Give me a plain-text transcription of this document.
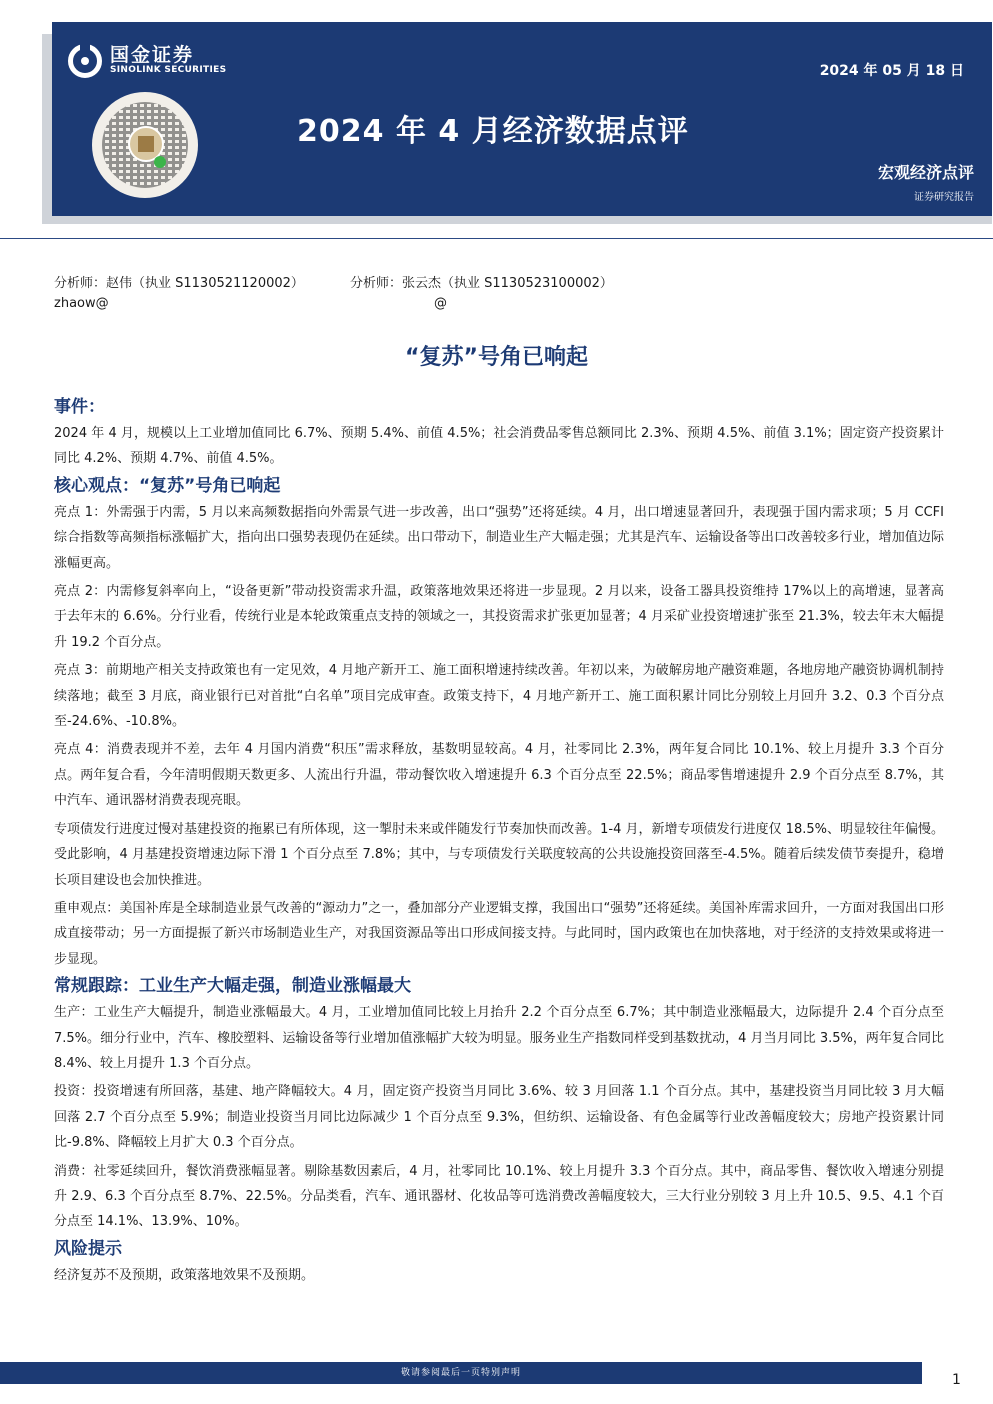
国金证券
SINOLINK SECURITIES	2024 年 05 月 18 日
2024 年 4 月经济数据点评
宏观经济点评
证券研究报告
分析师：赵伟（执业 S1130521120002）	分析师：张云杰（执业 S1130523100002）
zhaow@	@
“复苏”号角已响起
事件：
2024 年 4 月，规模以上工业增加值同比 6.7%、预期 5.4%、前值 4.5%；社会消费品零售总额同比 2.3%、预期 4.5%、前值 3.1%；固定资产投资累计同比 4.2%、预期 4.7%、前值 4.5%。
核心观点：“复苏”号角已响起
亮点 1：外需强于内需，5 月以来高频数据指向外需景气进一步改善，出口“强势”还将延续。4 月，出口增速显著回升，表现强于国内需求项；5 月 CCFI 综合指数等高频指标涨幅扩大，指向出口强势表现仍在延续。出口带动下，制造业生产大幅走强；尤其是汽车、运输设备等出口改善较多行业，增加值边际涨幅更高。
亮点 2：内需修复斜率向上，“设备更新”带动投资需求升温，政策落地效果还将进一步显现。2 月以来，设备工器具投资维持 17%以上的高增速，显著高于去年末的 6.6%。分行业看，传统行业是本轮政策重点支持的领域之一，其投资需求扩张更加显著；4 月采矿业投资增速扩张至 21.3%，较去年末大幅提升 19.2 个百分点。
亮点 3：前期地产相关支持政策也有一定见效，4 月地产新开工、施工面积增速持续改善。年初以来，为破解房地产融资难题，各地房地产融资协调机制持续落地；截至 3 月底，商业银行已对首批“白名单”项目完成审查。政策支持下，4 月地产新开工、施工面积累计同比分别较上月回升 3.2、0.3 个百分点至-24.6%、-10.8%。
亮点 4：消费表现并不差，去年 4 月国内消费“积压”需求释放，基数明显较高。4 月，社零同比 2.3%，两年复合同比 10.1%、较上月提升 3.3 个百分点。两年复合看，今年清明假期天数更多、人流出行升温，带动餐饮收入增速提升 6.3 个百分点至 22.5%；商品零售增速提升 2.9 个百分点至 8.7%，其中汽车、通讯器材消费表现亮眼。
专项债发行进度过慢对基建投资的拖累已有所体现，这一掣肘未来或伴随发行节奏加快而改善。1-4 月，新增专项债发行进度仅 18.5%、明显较往年偏慢。受此影响，4 月基建投资增速边际下滑 1 个百分点至 7.8%；其中，与专项债发行关联度较高的公共设施投资回落至-4.5%。随着后续发债节奏提升，稳增长项目建设也会加快推进。
重申观点：美国补库是全球制造业景气改善的“源动力”之一，叠加部分产业逻辑支撑，我国出口“强势”还将延续。美国补库需求回升，一方面对我国出口形成直接带动；另一方面提振了新兴市场制造业生产，对我国资源品等出口形成间接支持。与此同时，国内政策也在加快落地，对于经济的支持效果或将进一步显现。
常规跟踪：工业生产大幅走强，制造业涨幅最大
生产：工业生产大幅提升，制造业涨幅最大。4 月，工业增加值同比较上月抬升 2.2 个百分点至 6.7%；其中制造业涨幅最大，边际提升 2.4 个百分点至 7.5%。细分行业中，汽车、橡胶塑料、运输设备等行业增加值涨幅扩大较为明显。服务业生产指数同样受到基数扰动，4 月当月同比 3.5%，两年复合同比 8.4%、较上月提升 1.3 个百分点。
投资：投资增速有所回落，基建、地产降幅较大。4 月，固定资产投资当月同比 3.6%、较 3 月回落 1.1 个百分点。其中，基建投资当月同比较 3 月大幅回落 2.7 个百分点至 5.9%；制造业投资当月同比边际减少 1 个百分点至 9.3%，但纺织、运输设备、有色金属等行业改善幅度较大；房地产投资累计同比-9.8%、降幅较上月扩大 0.3 个百分点。
消费：社零延续回升，餐饮消费涨幅显著。剔除基数因素后，4 月，社零同比 10.1%、较上月提升 3.3 个百分点。其中，商品零售、餐饮收入增速分别提升 2.9、6.3 个百分点至 8.7%、22.5%。分品类看，汽车、通讯器材、化妆品等可选消费改善幅度较大，三大行业分别较 3 月上升 10.5、9.5、4.1 个百分点至 14.1%、13.9%、10%。
风险提示
经济复苏不及预期，政策落地效果不及预期。
敬请参阅最后一页特别声明	1
